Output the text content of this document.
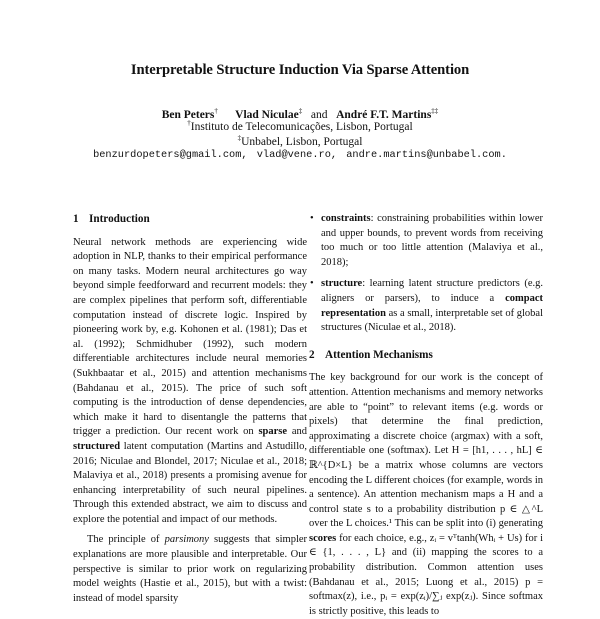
Interpretable Structure Induction Via Sparse Attention
Ben Peters† Vlad Niculae‡ and André F.T. Martins‡‡
†Instituto de Telecomunicações, Lisbon, Portugal
‡Unbabel, Lisbon, Portugal
benzurdopeters@gmail.com, vlad@vene.ro, andre.martins@unbabel.com.
1 Introduction

Neural network methods are experiencing wide adoption in NLP, thanks to their empirical performance on many tasks. Modern neural architectures go way beyond simple feedforward and recurrent models: they are complex pipelines that perform soft, differentiable computation instead of discrete logic. Inspired by pioneering work by, e.g. Kohonen et al. (1981); Das et al. (1992); Schmidhuber (1992), such modern differentiable architectures include neural memories (Sukhbaatar et al., 2015) and attention mechanisms (Bahdanau et al., 2015). The price of such soft computing is the introduction of dense dependencies, which make it hard to disentangle the patterns that trigger a prediction. Our recent work on sparse and structured latent computation (Martins and Astudillo, 2016; Niculae and Blondel, 2017; Niculae et al., 2018; Malaviya et al., 2018) presents a promising avenue for enhancing interpretability of such neural pipelines. Through this extended abstract, we aim to discuss and explore the potential and impact of our methods.

The principle of parsimony suggests that simpler explanations are more plausible and interpretable. Our perspective is similar to prior work on regularizing model weights (Hastie et al., 2015), but with a twist: instead of model sparsity

• constraints: constraining probabilities within lower and upper bounds, to prevent words from receiving too much or too little attention (Malaviya et al., 2018);
• structure: learning latent structure predictors (e.g. aligners or parsers), to induce a compact representation as a small, interpretable set of global structures (Niculae et al., 2018).
2 Attention Mechanisms

The key background for our work is the concept of attention. Attention mechanisms and memory networks are able to “point” to relevant items (e.g. words or pixels) that determine the final prediction, approximating a discrete choice (argmax) with a soft, differentiable one (softmax). Let H = [h1, . . . , hL] ∈ ℝ^{D×L} be a matrix whose columns are vectors encoding the L different choices (for example, words in a sentence). An attention mechanism maps a H and a control state s to a probability distribution p ∈ △^L over the L choices.¹ This can be split into (i) generating scores for each choice, e.g., zᵢ = vᵀtanh(Whᵢ + Us) for i ∈ {1, . . . , L} and (ii) mapping the scores to a probability distribution. Common attention uses (Bahdanau et al., 2015; Luong et al., 2015) p = softmax(z), i.e., pᵢ = exp(zᵢ)/∑ⱼ exp(zⱼ). Since softmax is strictly positive, this leads to
